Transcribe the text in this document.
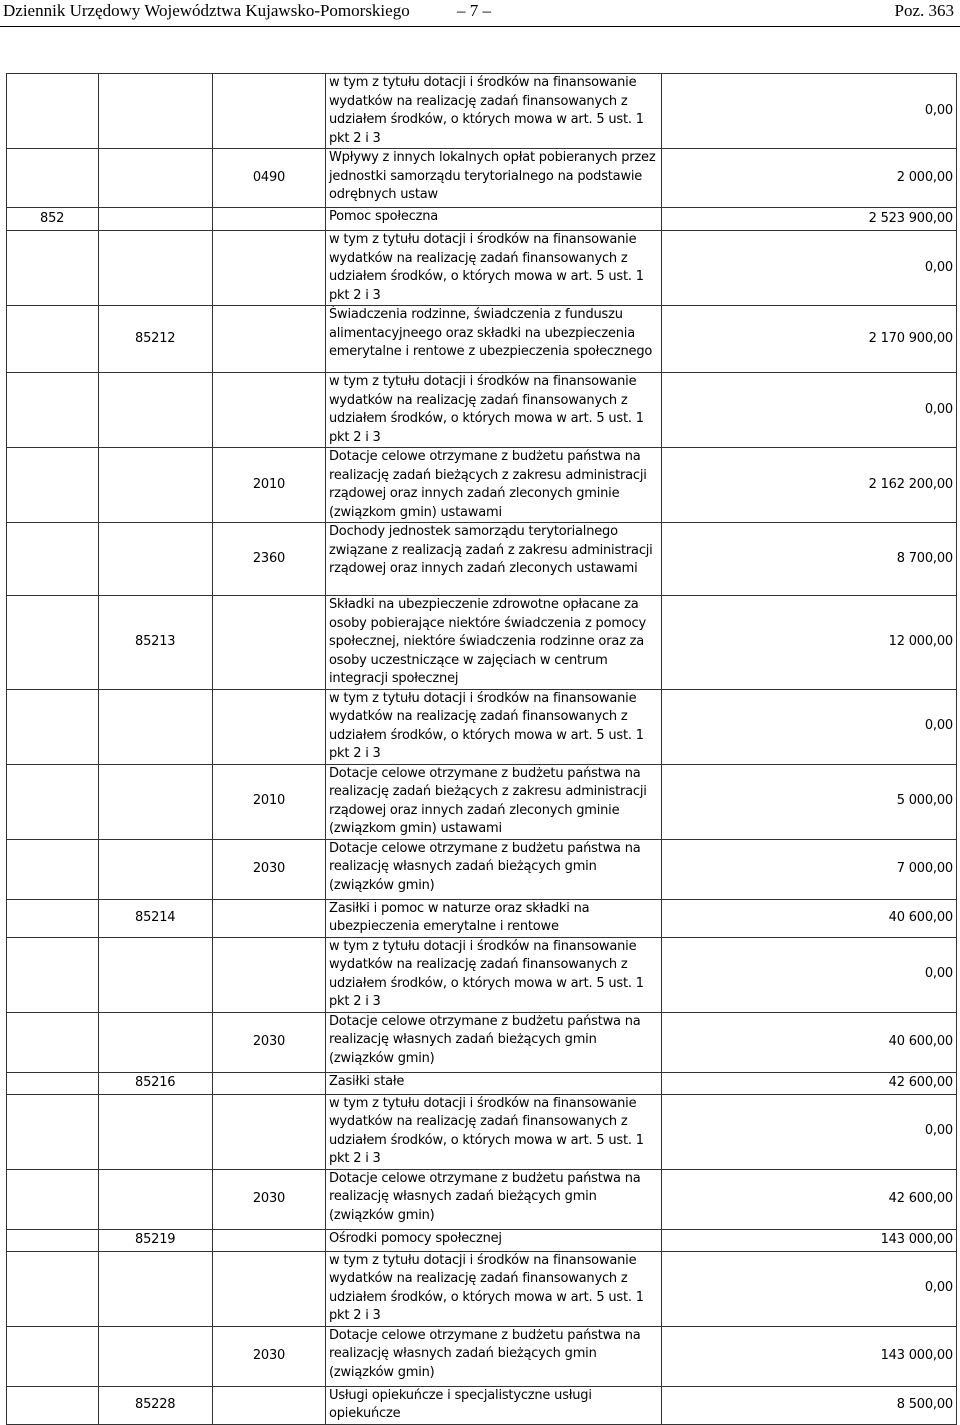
Dziennik Urzędowy Województwa Kujawsko-Pomorskiego	– 7 –	Poz. 363
			w tym z tytułu dotacji i środków na finansowanie wydatków na realizację zadań finansowanych z udziałem środków, o których mowa w art. 5 ust. 1 pkt 2 i 3	0,00
		0490	Wpływy z innych lokalnych opłat pobieranych przez jednostki samorządu terytorialnego na podstawie odrębnych ustaw	2 000,00
852			Pomoc społeczna	2 523 900,00
			w tym z tytułu dotacji i środków na finansowanie wydatków na realizację zadań finansowanych z udziałem środków, o których mowa w art. 5 ust. 1 pkt 2 i 3	0,00
	85212		Świadczenia rodzinne, świadczenia z funduszu alimentacyjneego oraz składki na ubezpieczenia emerytalne i rentowe z ubezpieczenia społecznego	2 170 900,00
			w tym z tytułu dotacji i środków na finansowanie wydatków na realizację zadań finansowanych z udziałem środków, o których mowa w art. 5 ust. 1 pkt 2 i 3	0,00
		2010	Dotacje celowe otrzymane z budżetu państwa na realizację zadań bieżących z zakresu administracji rządowej oraz innych zadań zleconych gminie (związkom gmin) ustawami	2 162 200,00
		2360	Dochody jednostek samorządu terytorialnego związane z realizacją zadań z zakresu administracji rządowej oraz innych zadań zleconych ustawami	8 700,00
	85213		Składki na ubezpieczenie zdrowotne opłacane za osoby pobierające niektóre świadczenia z pomocy społecznej, niektóre świadczenia rodzinne oraz za osoby uczestniczące w zajęciach w centrum integracji społecznej	12 000,00
			w tym z tytułu dotacji i środków na finansowanie wydatków na realizację zadań finansowanych z udziałem środków, o których mowa w art. 5 ust. 1 pkt 2 i 3	0,00
		2010	Dotacje celowe otrzymane z budżetu państwa na realizację zadań bieżących z zakresu administracji rządowej oraz innych zadań zleconych gminie (związkom gmin) ustawami	5 000,00
		2030	Dotacje celowe otrzymane z budżetu państwa na realizację własnych zadań bieżących gmin (związków gmin)	7 000,00
	85214		Zasiłki i pomoc w naturze oraz składki na ubezpieczenia emerytalne i rentowe	40 600,00
			w tym z tytułu dotacji i środków na finansowanie wydatków na realizację zadań finansowanych z udziałem środków, o których mowa w art. 5 ust. 1 pkt 2 i 3	0,00
		2030	Dotacje celowe otrzymane z budżetu państwa na realizację własnych zadań bieżących gmin (związków gmin)	40 600,00
	85216		Zasiłki stałe	42 600,00
			w tym z tytułu dotacji i środków na finansowanie wydatków na realizację zadań finansowanych z udziałem środków, o których mowa w art. 5 ust. 1 pkt 2 i 3	0,00
		2030	Dotacje celowe otrzymane z budżetu państwa na realizację własnych zadań bieżących gmin (związków gmin)	42 600,00
	85219		Ośrodki pomocy społecznej	143 000,00
			w tym z tytułu dotacji i środków na finansowanie wydatków na realizację zadań finansowanych z udziałem środków, o których mowa w art. 5 ust. 1 pkt 2 i 3	0,00
		2030	Dotacje celowe otrzymane z budżetu państwa na realizację własnych zadań bieżących gmin (związków gmin)	143 000,00
	85228		Usługi opiekuńcze i specjalistyczne usługi opiekuńcze	8 500,00
